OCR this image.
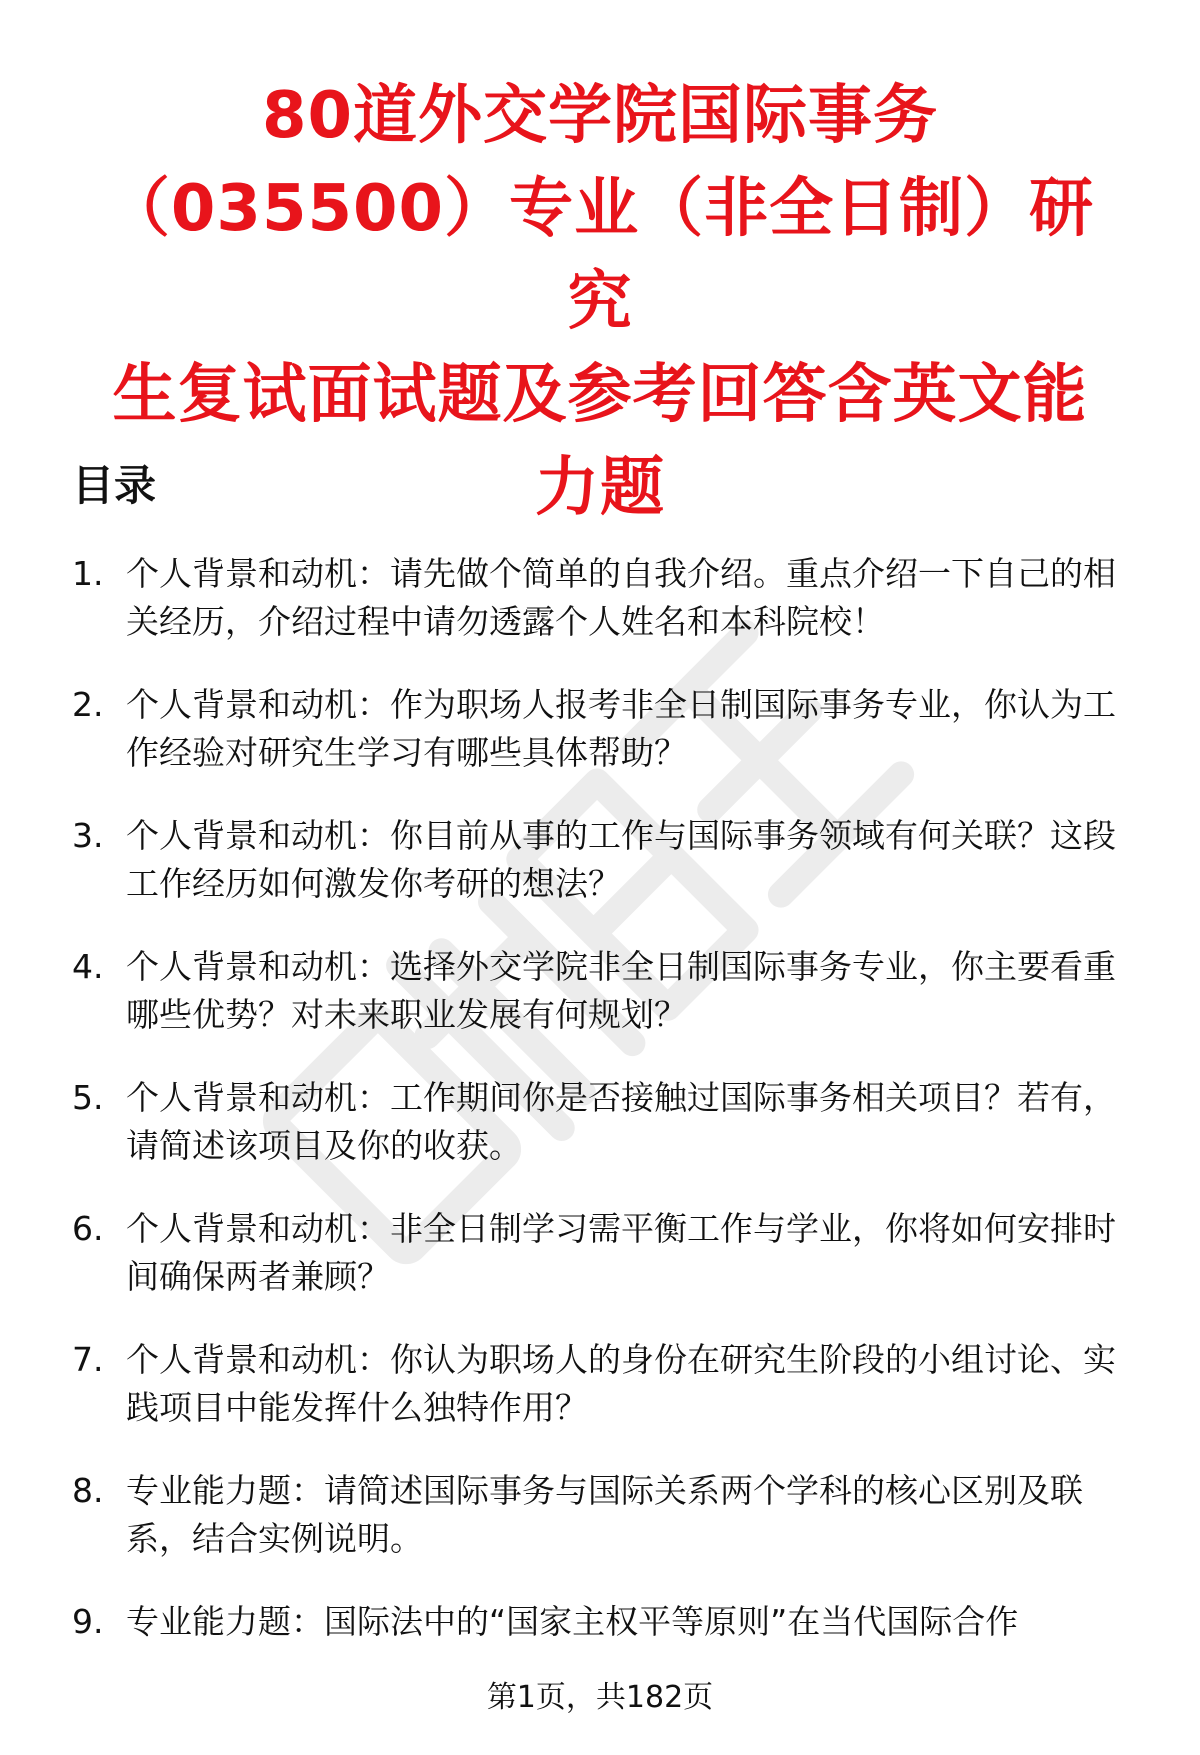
80道外交学院国际事务
（035500）专业（非全日制）研究
生复试面试题及参考回答含英文能
力题
目录
1. 个人背景和动机：请先做个简单的自我介绍。重点介绍一下自己的相关经历，介绍过程中请勿透露个人姓名和本科院校！
2. 个人背景和动机：作为职场人报考非全日制国际事务专业，你认为工作经验对研究生学习有哪些具体帮助？
3. 个人背景和动机：你目前从事的工作与国际事务领域有何关联？这段工作经历如何激发你考研的想法？
4. 个人背景和动机：选择外交学院非全日制国际事务专业，你主要看重哪些优势？对未来职业发展有何规划？
5. 个人背景和动机：工作期间你是否接触过国际事务相关项目？若有，请简述该项目及你的收获。
6. 个人背景和动机：非全日制学习需平衡工作与学业，你将如何安排时间确保两者兼顾？
7. 个人背景和动机：你认为职场人的身份在研究生阶段的小组讨论、实践项目中能发挥什么独特作用？
8. 专业能力题：请简述国际事务与国际关系两个学科的核心区别及联系，结合实例说明。
9. 专业能力题：国际法中的“国家主权平等原则”在当代国际合作

第1页，共182页
